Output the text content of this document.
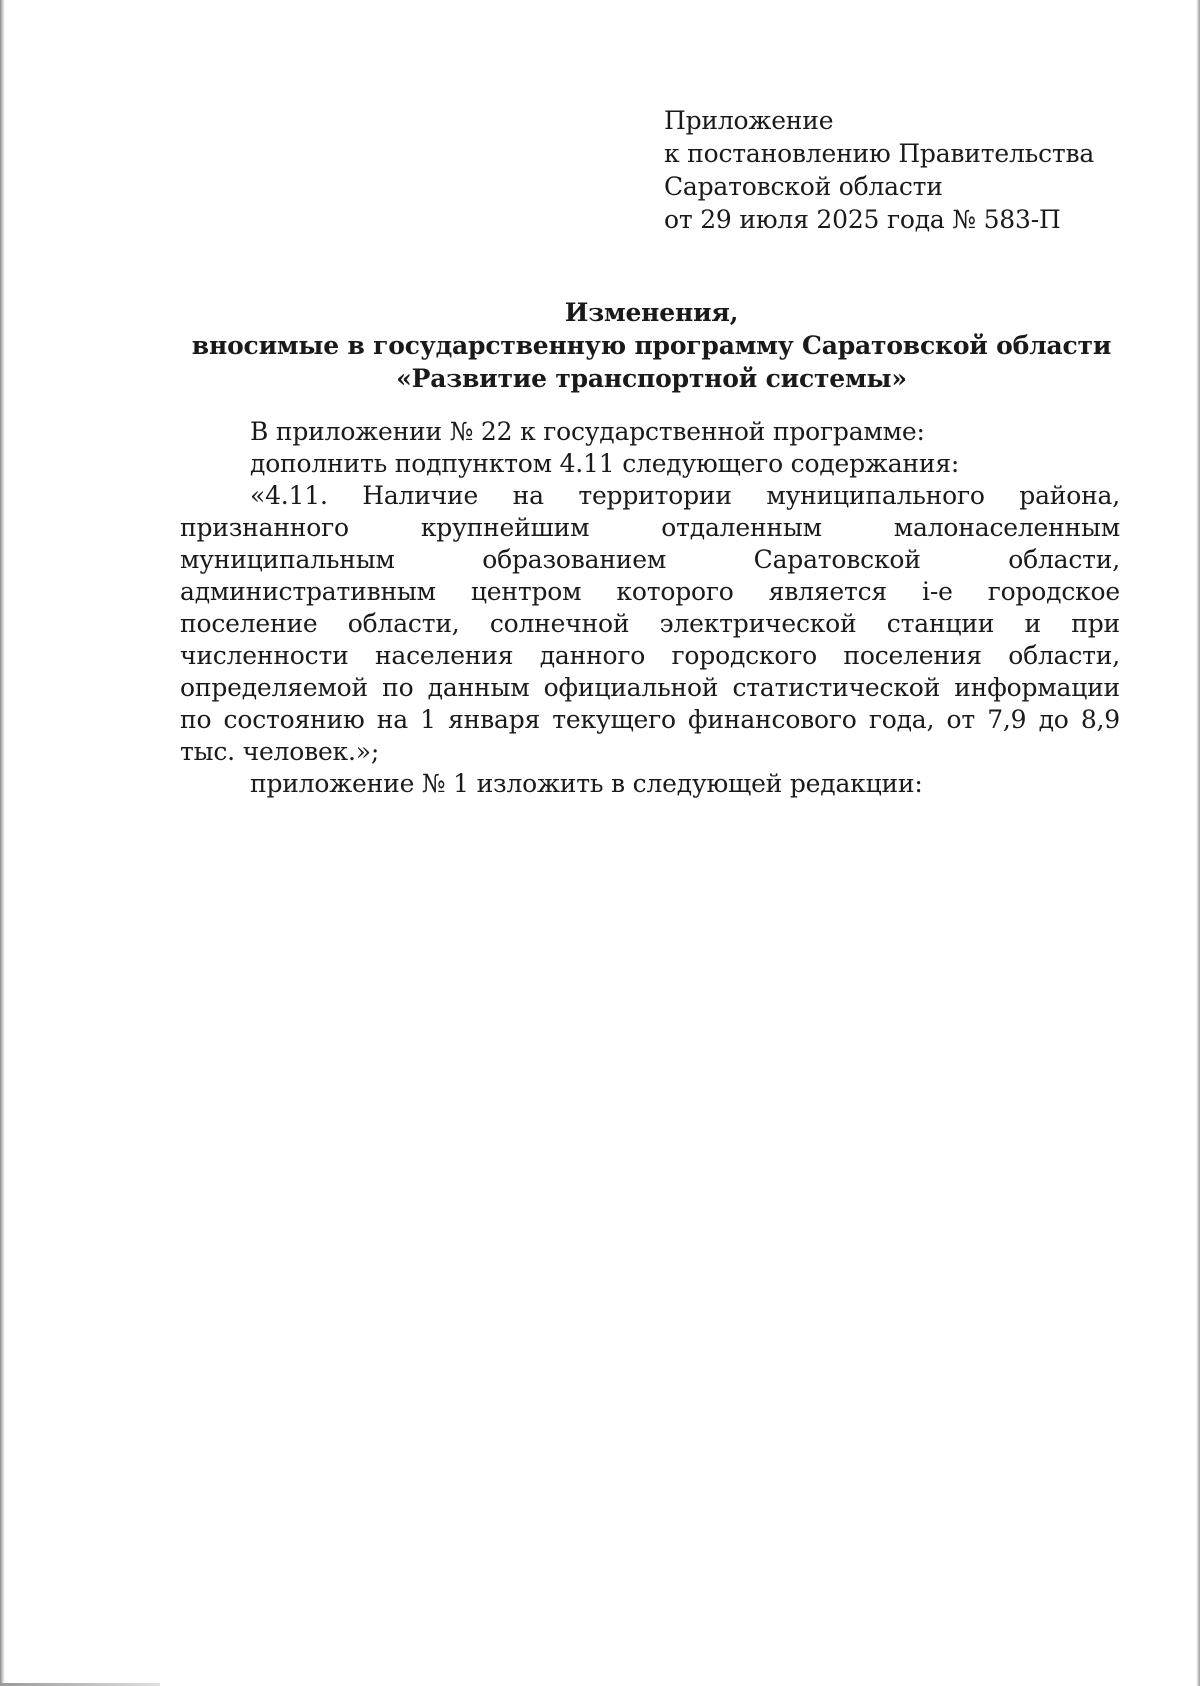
Приложение
к постановлению Правительства
Саратовской области
от 29 июля 2025 года № 583-П
Изменения,
вносимые в государственную программу Саратовской области
«Развитие транспортной системы»

В приложении № 22 к государственной программе:

дополнить подпунктом 4.11 следующего содержания:

«4.11. Наличие на территории муниципального района, признанного крупнейшим отдаленным малонаселенным муниципальным образованием Саратовской области, административным центром которого является i-е городское поселение области, солнечной электрической станции и при численности населения данного городского поселения области, определяемой по данным официальной статистической информации по состоянию на 1 января текущего финансового года, от 7,9 до 8,9 тыс. человек.»;

приложение № 1 изложить в следующей редакции:
